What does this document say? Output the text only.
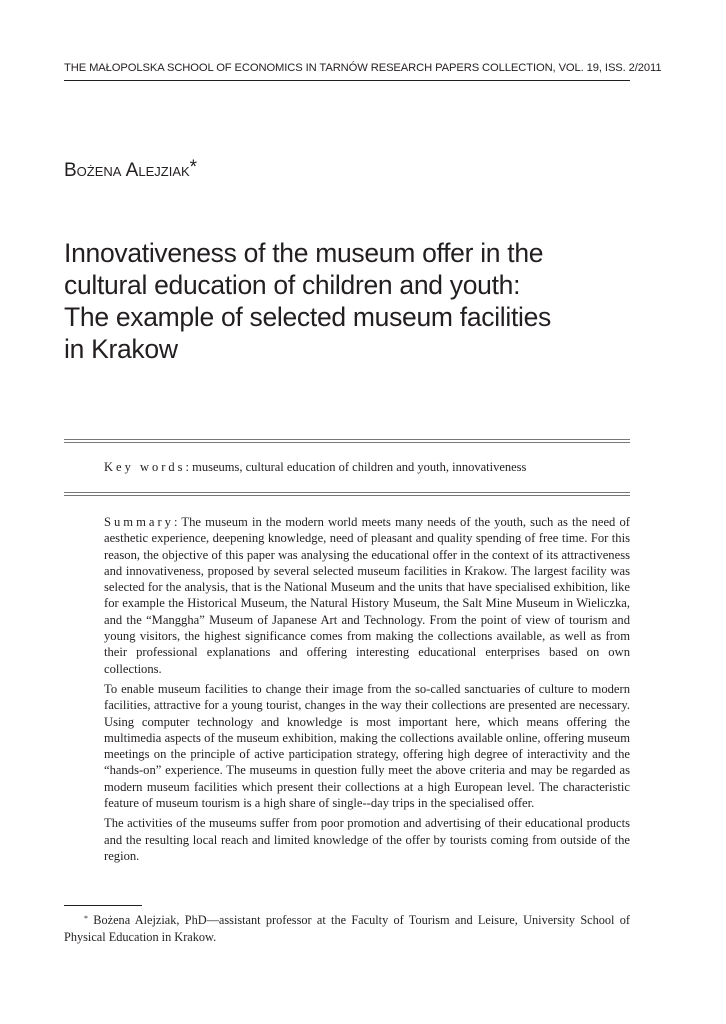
THE MAŁOPOLSKA SCHOOL OF ECONOMICS IN TARNÓW RESEARCH PAPERS COLLECTION, VOL. 19, ISS. 2/2011
Bożena Alejziak*
Innovativeness of the museum offer in the
cultural education of children and youth:
The example of selected museum facilities
in Krakow
Key words: museums, cultural education of children and youth, innovativeness

Summary: The museum in the modern world meets many needs of the youth, such as the need of aesthetic experience, deepening knowledge, need of pleasant and quality spending of free time. For this reason, the objective of this paper was analysing the educational offer in the context of its attractiveness and innovativeness, proposed by several selected museum facilities in Krakow. The largest facility was selected for the analysis, that is the National Museum and the units that have specialised exhibition, like for example the Historical Museum, the Natural History Museum, the Salt Mine Museum in Wieliczka, and the “Manggha” Museum of Japanese Art and Technology. From the point of view of tourism and young visitors, the highest significance comes from making the collections available, as well as from their professional explanations and offering interesting educational enterprises based on own collections.

To enable museum facilities to change their image from the so-called sanctuaries of culture to modern facilities, attractive for a young tourist, changes in the way their collections are presented are necessary. Using computer technology and knowledge is most important here, which means offering the multimedia aspects of the museum exhibition, making the collections available online, offering museum meetings on the principle of active participation strategy, offering high degree of interactivity and the “hands-on” experience. The museums in question fully meet the above criteria and may be regarded as modern museum facilities which present their collections at a high European level. The characteristic feature of museum tourism is a high share of single--day trips in the specialised offer.

The activities of the museums suffer from poor promotion and advertising of their educational products and the resulting local reach and limited knowledge of the offer by tourists coming from outside of the region.

* Bożena Alejziak, PhD—assistant professor at the Faculty of Tourism and Leisure, University School of Physical Education in Krakow.
